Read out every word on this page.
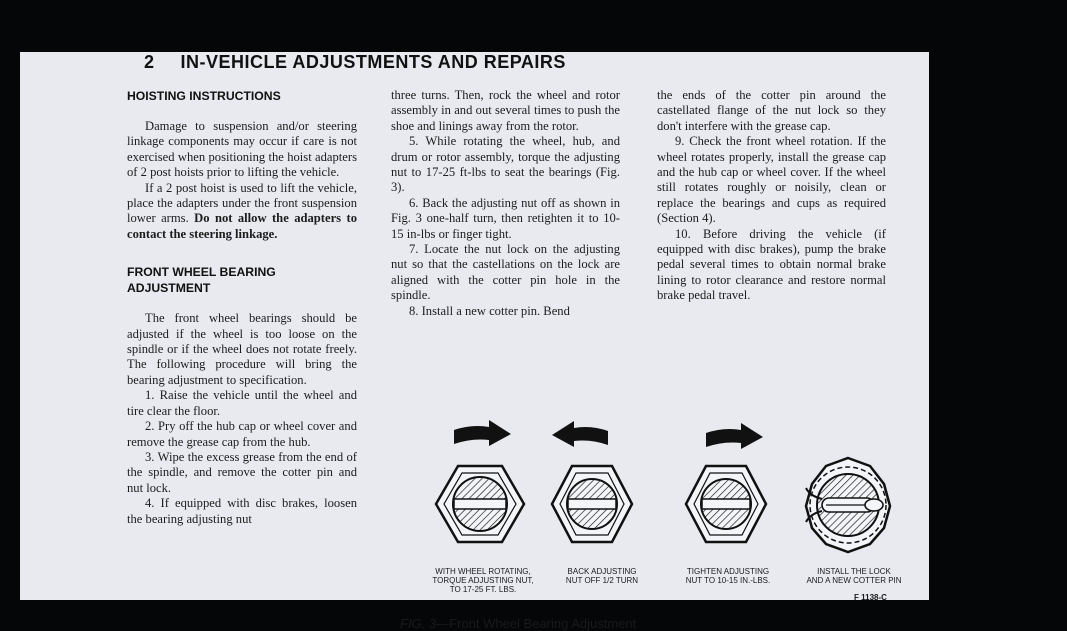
2 IN-VEHICLE ADJUSTMENTS AND REPAIRS

HOISTING INSTRUCTIONS

Damage to suspension and/or steering linkage components may occur if care is not exercised when positioning the hoist adapters of 2 post hoists prior to lifting the vehicle.

If a 2 post hoist is used to lift the vehicle, place the adapters under the front suspension lower arms. Do not allow the adapters to contact the steering linkage.

FRONT WHEEL BEARING ADJUSTMENT

The front wheel bearings should be adjusted if the wheel is too loose on the spindle or if the wheel does not rotate freely. The following procedure will bring the bearing adjustment to specification.

1. Raise the vehicle until the wheel and tire clear the floor.

2. Pry off the hub cap or wheel cover and remove the grease cap from the hub.

3. Wipe the excess grease from the end of the spindle, and remove the cotter pin and nut lock.

4. If equipped with disc brakes, loosen the bearing adjusting nut

three turns. Then, rock the wheel and rotor assembly in and out several times to push the shoe and linings away from the rotor.

5. While rotating the wheel, hub, and drum or rotor assembly, torque the adjusting nut to 17-25 ft-lbs to seat the bearings (Fig. 3).

6. Back the adjusting nut off as shown in Fig. 3 one-half turn, then retighten it to 10-15 in-lbs or finger tight.

7. Locate the nut lock on the adjusting nut so that the castellations on the lock are aligned with the cotter pin hole in the spindle.

8. Install a new cotter pin. Bend

the ends of the cotter pin around the castellated flange of the nut lock so they don't interfere with the grease cap.

9. Check the front wheel rotation. If the wheel rotates properly, install the grease cap and the hub cap or wheel cover. If the wheel still rotates roughly or noisily, clean or replace the bearings and cups as required (Section 4).

10. Before driving the vehicle (if equipped with disc brakes), pump the brake pedal several times to obtain normal brake lining to rotor clearance and restore normal brake pedal travel.

WITH WHEEL ROTATING,
TORQUE ADJUSTING NUT,
TO 17-25 FT. LBS.
BACK ADJUSTING
NUT OFF 1/2 TURN
TIGHTEN ADJUSTING
NUT TO 10-15 IN.-LBS.
INSTALL THE LOCK
AND A NEW COTTER PIN
F 1138-C
FIG. 3—Front Wheel Bearing Adjustment
